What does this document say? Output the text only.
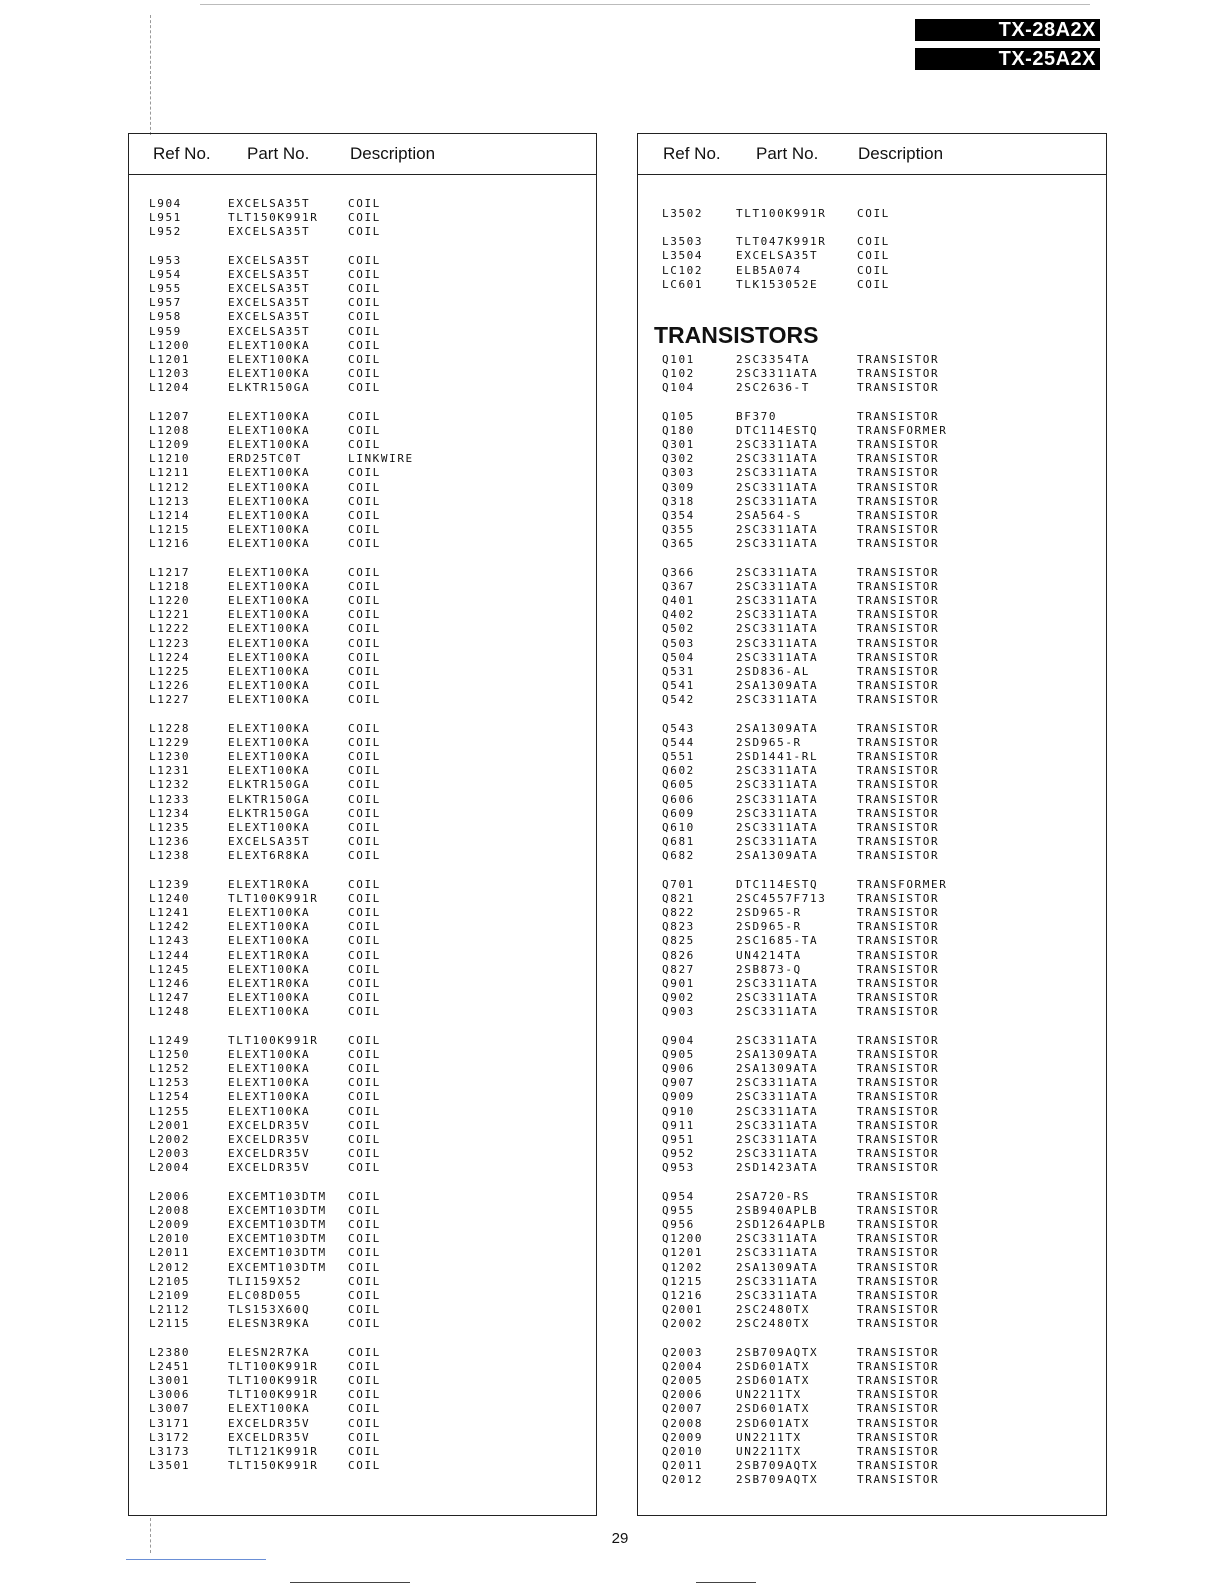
TX-28A2X
TX-25A2X
Ref No. Part No. Description
L904	EXCELSA35T	COIL
L951	TLT150K991R	COIL
L952	EXCELSA35T	COIL
L953	EXCELSA35T	COIL
L954	EXCELSA35T	COIL
L955	EXCELSA35T	COIL
L957	EXCELSA35T	COIL
L958	EXCELSA35T	COIL
L959	EXCELSA35T	COIL
L1200	ELEXT100KA	COIL
L1201	ELEXT100KA	COIL
L1203	ELEXT100KA	COIL
L1204	ELKTR150GA	COIL
L1207	ELEXT100KA	COIL
L1208	ELEXT100KA	COIL
L1209	ELEXT100KA	COIL
L1210	ERD25TC0T	LINKWIRE
L1211	ELEXT100KA	COIL
L1212	ELEXT100KA	COIL
L1213	ELEXT100KA	COIL
L1214	ELEXT100KA	COIL
L1215	ELEXT100KA	COIL
L1216	ELEXT100KA	COIL
L1217	ELEXT100KA	COIL
L1218	ELEXT100KA	COIL
L1220	ELEXT100KA	COIL
L1221	ELEXT100KA	COIL
L1222	ELEXT100KA	COIL
L1223	ELEXT100KA	COIL
L1224	ELEXT100KA	COIL
L1225	ELEXT100KA	COIL
L1226	ELEXT100KA	COIL
L1227	ELEXT100KA	COIL
L1228	ELEXT100KA	COIL
L1229	ELEXT100KA	COIL
L1230	ELEXT100KA	COIL
L1231	ELEXT100KA	COIL
L1232	ELKTR150GA	COIL
L1233	ELKTR150GA	COIL
L1234	ELKTR150GA	COIL
L1235	ELEXT100KA	COIL
L1236	EXCELSA35T	COIL
L1238	ELEXT6R8KA	COIL
L1239	ELEXT1R0KA	COIL
L1240	TLT100K991R	COIL
L1241	ELEXT100KA	COIL
L1242	ELEXT100KA	COIL
L1243	ELEXT100KA	COIL
L1244	ELEXT1R0KA	COIL
L1245	ELEXT100KA	COIL
L1246	ELEXT1R0KA	COIL
L1247	ELEXT100KA	COIL
L1248	ELEXT100KA	COIL
L1249	TLT100K991R	COIL
L1250	ELEXT100KA	COIL
L1252	ELEXT100KA	COIL
L1253	ELEXT100KA	COIL
L1254	ELEXT100KA	COIL
L1255	ELEXT100KA	COIL
L2001	EXCELDR35V	COIL
L2002	EXCELDR35V	COIL
L2003	EXCELDR35V	COIL
L2004	EXCELDR35V	COIL
L2006	EXCEMT103DTM COIL
L2008	EXCEMT103DTM COIL
L2009	EXCEMT103DTM COIL
L2010	EXCEMT103DTM COIL
L2011	EXCEMT103DTM COIL
L2012	EXCEMT103DTM COIL
L2105	TLI159X52	COIL
L2109	ELC08D055	COIL
L2112	TLS153X60Q	COIL
L2115	ELESN3R9KA	COIL
L2380	ELESN2R7KA	COIL
L2451	TLT100K991R	COIL
L3001	TLT100K991R	COIL
L3006	TLT100K991R	COIL
L3007	ELEXT100KA	COIL
L3171	EXCELDR35V	COIL
L3172	EXCELDR35V	COIL
L3173	TLT121K991R	COIL
L3501	TLT150K991R	COIL
Ref No. Part No. Description
L3502	TLT100K991R	COIL
L3503	TLT047K991R	COIL
L3504	EXCELSA35T	COIL
LC102	ELB5A074	COIL
LC601	TLK153052E	COIL
TRANSISTORS
Q101	2SC3354TA	TRANSISTOR
Q102	2SC3311ATA	TRANSISTOR
Q104	2SC2636-T	TRANSISTOR
Q105	BF370	TRANSISTOR
Q180	DTC114ESTQ	TRANSFORMER
Q301	2SC3311ATA	TRANSISTOR
Q302	2SC3311ATA	TRANSISTOR
Q303	2SC3311ATA	TRANSISTOR
Q309	2SC3311ATA	TRANSISTOR
Q318	2SC3311ATA	TRANSISTOR
Q354	2SA564-S	TRANSISTOR
Q355	2SC3311ATA	TRANSISTOR
Q365	2SC3311ATA	TRANSISTOR
Q366	2SC3311ATA	TRANSISTOR
Q367	2SC3311ATA	TRANSISTOR
Q401	2SC3311ATA	TRANSISTOR
Q402	2SC3311ATA	TRANSISTOR
Q502	2SC3311ATA	TRANSISTOR
Q503	2SC3311ATA	TRANSISTOR
Q504	2SC3311ATA	TRANSISTOR
Q531	2SD836-AL	TRANSISTOR
Q541	2SA1309ATA	TRANSISTOR
Q542	2SC3311ATA	TRANSISTOR
Q543	2SA1309ATA	TRANSISTOR
Q544	2SD965-R	TRANSISTOR
Q551	2SD1441-RL	TRANSISTOR
Q602	2SC3311ATA	TRANSISTOR
Q605	2SC3311ATA	TRANSISTOR
Q606	2SC3311ATA	TRANSISTOR
Q609	2SC3311ATA	TRANSISTOR
Q610	2SC3311ATA	TRANSISTOR
Q681	2SC3311ATA	TRANSISTOR
Q682	2SA1309ATA	TRANSISTOR
Q701	DTC114ESTQ	TRANSFORMER
Q821	2SC4557F713	TRANSISTOR
Q822	2SD965-R	TRANSISTOR
Q823	2SD965-R	TRANSISTOR
Q825	2SC1685-TA	TRANSISTOR
Q826	UN4214TA	TRANSISTOR
Q827	2SB873-Q	TRANSISTOR
Q901	2SC3311ATA	TRANSISTOR
Q902	2SC3311ATA	TRANSISTOR
Q903	2SC3311ATA	TRANSISTOR
Q904	2SC3311ATA	TRANSISTOR
Q905	2SA1309ATA	TRANSISTOR
Q906	2SA1309ATA	TRANSISTOR
Q907	2SC3311ATA	TRANSISTOR
Q909	2SC3311ATA	TRANSISTOR
Q910	2SC3311ATA	TRANSISTOR
Q911	2SC3311ATA	TRANSISTOR
Q951	2SC3311ATA	TRANSISTOR
Q952	2SC3311ATA	TRANSISTOR
Q953	2SD1423ATA	TRANSISTOR
Q954	2SA720-RS	TRANSISTOR
Q955	2SB940APLB	TRANSISTOR
Q956	2SD1264APLB	TRANSISTOR
Q1200	2SC3311ATA	TRANSISTOR
Q1201	2SC3311ATA	TRANSISTOR
Q1202	2SA1309ATA	TRANSISTOR
Q1215	2SC3311ATA	TRANSISTOR
Q1216	2SC3311ATA	TRANSISTOR
Q2001	2SC2480TX	TRANSISTOR
Q2002	2SC2480TX	TRANSISTOR
Q2003	2SB709AQTX	TRANSISTOR
Q2004	2SD601ATX	TRANSISTOR
Q2005	2SD601ATX	TRANSISTOR
Q2006	UN2211TX	TRANSISTOR
Q2007	2SD601ATX	TRANSISTOR
Q2008	2SD601ATX	TRANSISTOR
Q2009	UN2211TX	TRANSISTOR
Q2010	UN2211TX	TRANSISTOR
Q2011	2SB709AQTX	TRANSISTOR
Q2012	2SB709AQTX	TRANSISTOR
29
